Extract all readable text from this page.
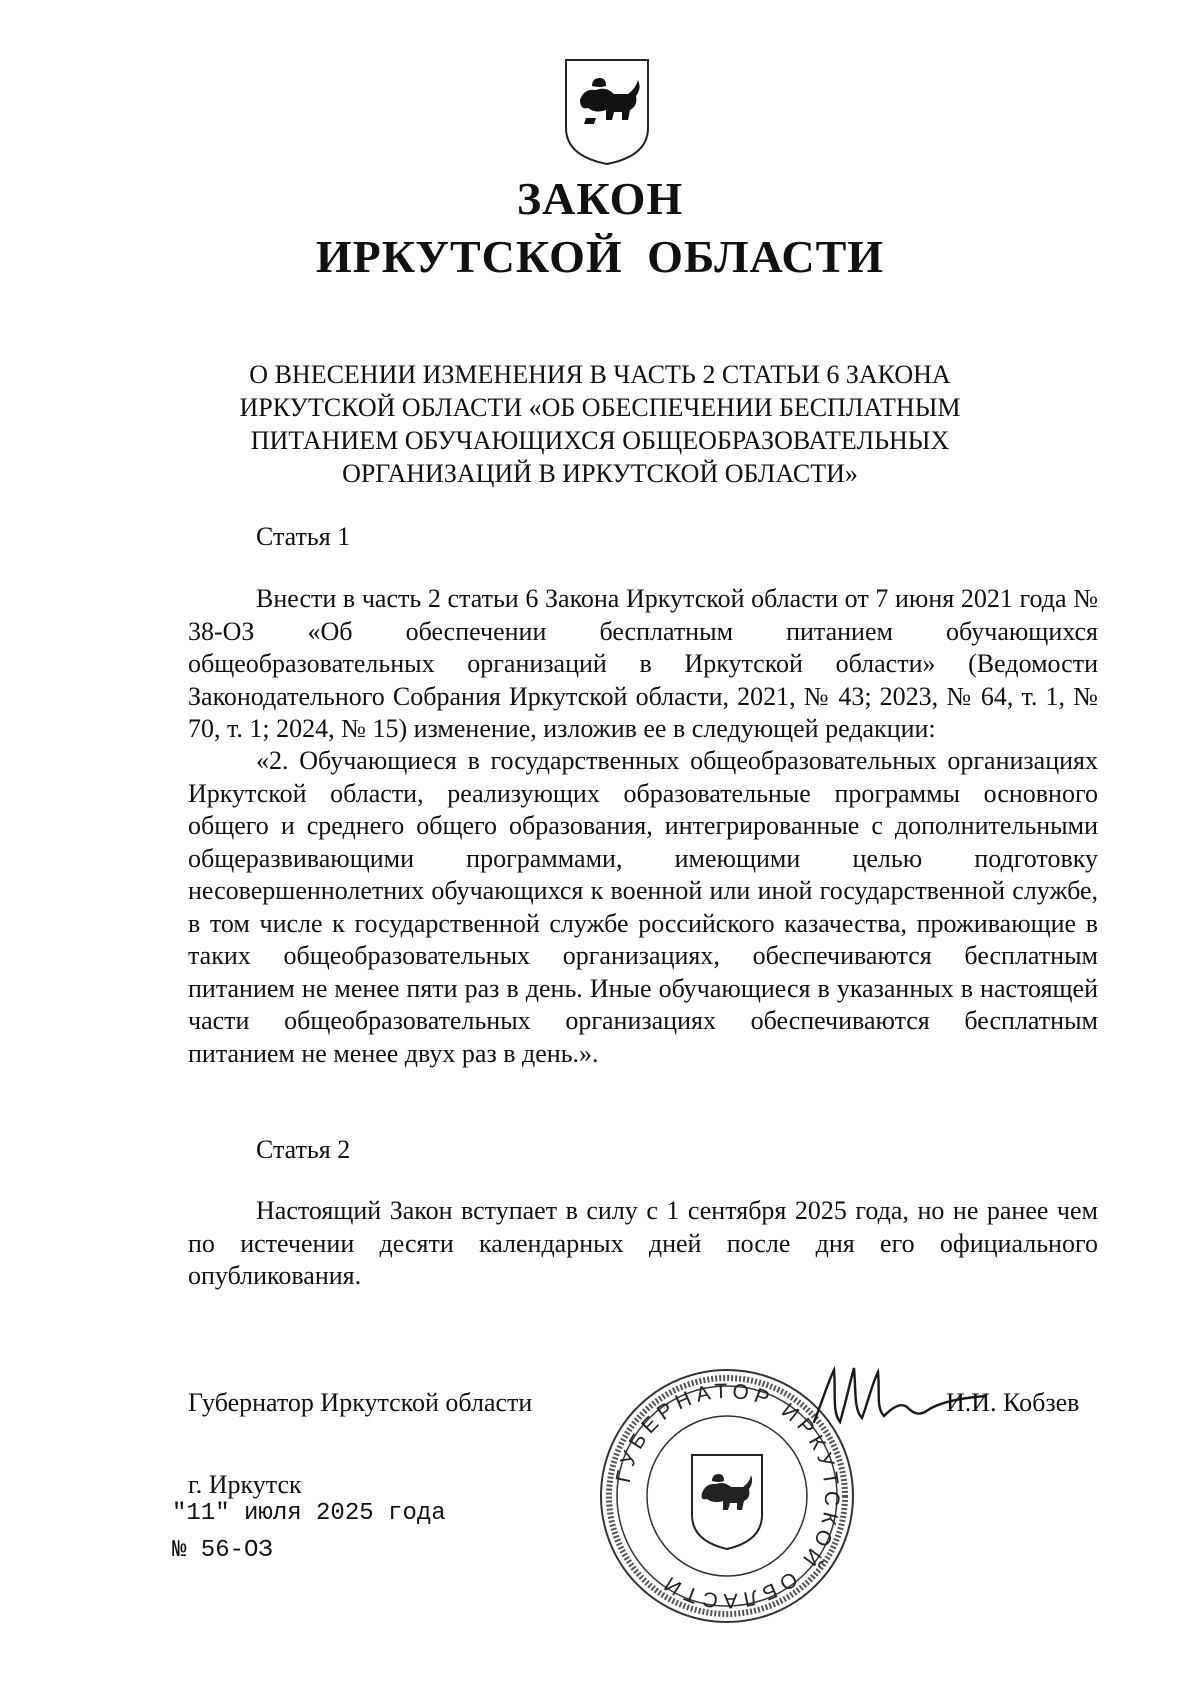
ЗАКОН
ИРКУТСКОЙ ОБЛАСТИ
О ВНЕСЕНИИ ИЗМЕНЕНИЯ В ЧАСТЬ 2 СТАТЬИ 6 ЗАКОНА ИРКУТСКОЙ ОБЛАСТИ «ОБ ОБЕСПЕЧЕНИИ БЕСПЛАТНЫМ ПИТАНИЕМ ОБУЧАЮЩИХСЯ ОБЩЕОБРАЗОВАТЕЛЬНЫХ ОРГАНИЗАЦИЙ В ИРКУТСКОЙ ОБЛАСТИ»
Статья 1

Внести в часть 2 статьи 6 Закона Иркутской области от 7 июня 2021 года № 38-ОЗ «Об обеспечении бесплатным питанием обучающихся общеобразовательных организаций в Иркутской области» (Ведомости Законодательного Собрания Иркутской области, 2021, № 43; 2023, № 64, т. 1, № 70, т. 1; 2024, № 15) изменение, изложив ее в следующей редакции:

«2. Обучающиеся в государственных общеобразовательных организациях Иркутской области, реализующих образовательные программы основного общего и среднего общего образования, интегрированные с дополнительными общеразвивающими программами, имеющими целью подготовку несовершеннолетних обучающихся к военной или иной государственной службе, в том числе к государственной службе российского казачества, проживающие в таких общеобразовательных организациях, обеспечиваются бесплатным питанием не менее пяти раз в день. Иные обучающиеся в указанных в настоящей части общеобразовательных организациях обеспечиваются бесплатным питанием не менее двух раз в день.».

Статья 2

Настоящий Закон вступает в силу с 1 сентября 2025 года, но не ранее чем по истечении десяти календарных дней после дня его официального опубликования.

Губернатор Иркутской области
ГУБЕРНАТОР ИРКУТСКОЙ ОБЛАСТИ
И.И. Кобзев
г. Иркутск
"11" июля 2025 года
№ 56-ОЗ
